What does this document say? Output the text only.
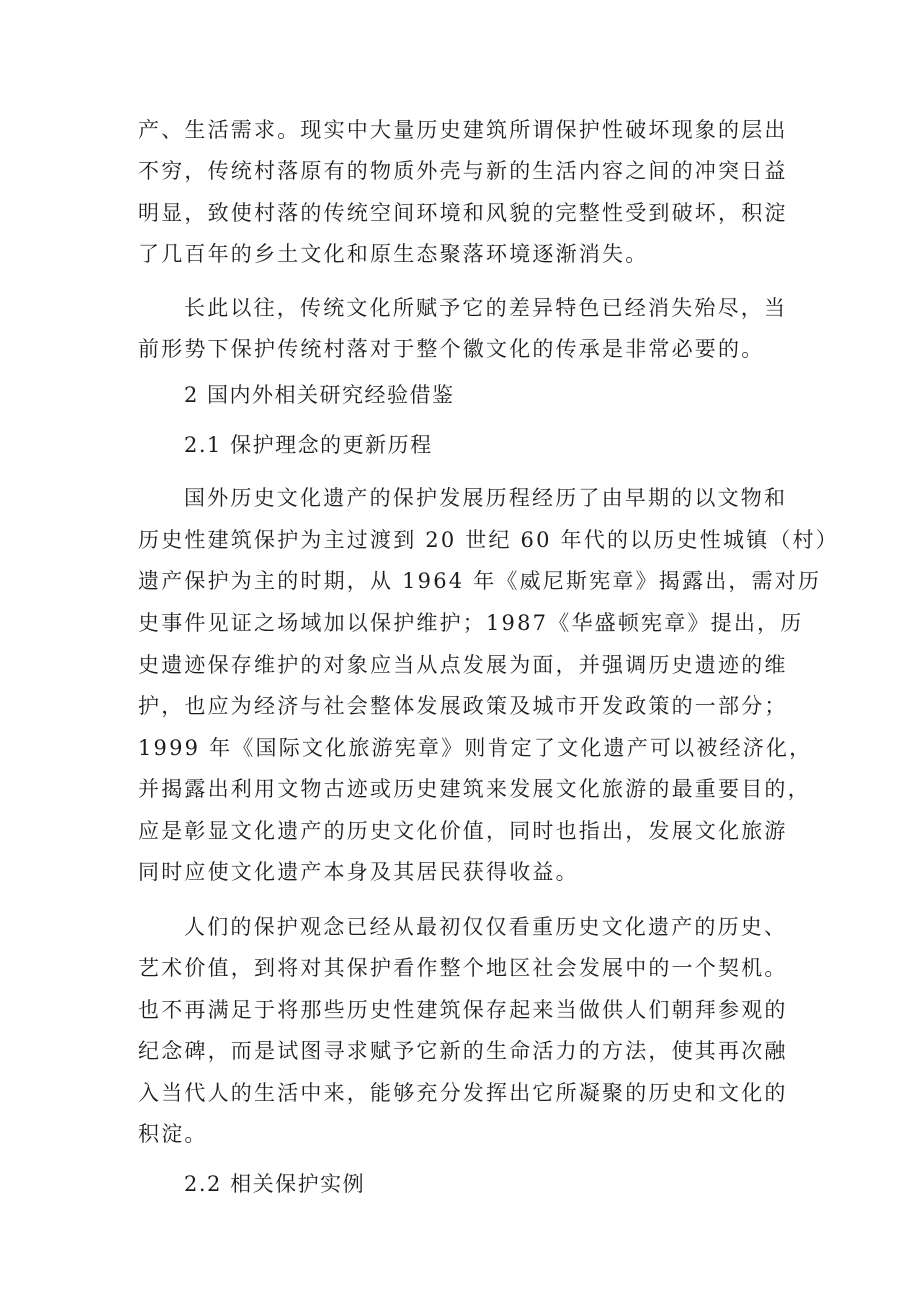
产、生活需求。现实中大量历史建筑所谓保护性破坏现象的层出
不穷，传统村落原有的物质外壳与新的生活内容之间的冲突日益
明显，致使村落的传统空间环境和风貌的完整性受到破坏，积淀
了几百年的乡土文化和原生态聚落环境逐渐消失。
长此以往，传统文化所赋予它的差异特色已经消失殆尽，当
前形势下保护传统村落对于整个徽文化的传承是非常必要的。
2 国内外相关研究经验借鉴
2.1 保护理念的更新历程
国外历史文化遗产的保护发展历程经历了由早期的以文物和
历史性建筑保护为主过渡到 20 世纪 60 年代的以历史性城镇（村）
遗产保护为主的时期，从 1964 年《威尼斯宪章》揭露出，需对历
史事件见证之场域加以保护维护；1987《华盛顿宪章》提出，历
史遗迹保存维护的对象应当从点发展为面，并强调历史遗迹的维
护，也应为经济与社会整体发展政策及城市开发政策的一部分；
1999 年《国际文化旅游宪章》则肯定了文化遗产可以被经济化，
并揭露出利用文物古迹或历史建筑来发展文化旅游的最重要目的，
应是彰显文化遗产的历史文化价值，同时也指出，发展文化旅游
同时应使文化遗产本身及其居民获得收益。
人们的保护观念已经从最初仅仅看重历史文化遗产的历史、
艺术价值，到将对其保护看作整个地区社会发展中的一个契机。
也不再满足于将那些历史性建筑保存起来当做供人们朝拜参观的
纪念碑，而是试图寻求赋予它新的生命活力的方法，使其再次融
入当代人的生活中来，能够充分发挥出它所凝聚的历史和文化的
积淀。
2.2 相关保护实例
